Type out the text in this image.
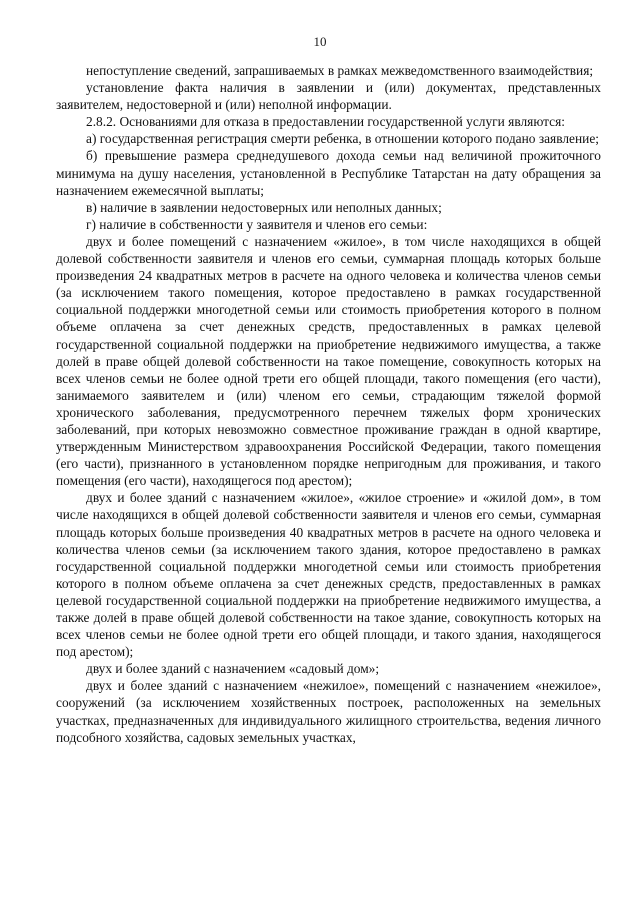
10

непоступление сведений, запрашиваемых в рамках межведомственного взаимодействия;

установление факта наличия в заявлении и (или) документах, представленных заявителем, недостоверной и (или) неполной информации.

2.8.2. Основаниями для отказа в предоставлении государственной услуги являются:

а) государственная регистрация смерти ребенка, в отношении которого подано заявление;

б) превышение размера среднедушевого дохода семьи над величиной прожиточного минимума на душу населения, установленной в Республике Татарстан на дату обращения за назначением ежемесячной выплаты;

в) наличие в заявлении недостоверных или неполных данных;

г) наличие в собственности у заявителя и членов его семьи:

двух и более помещений с назначением «жилое», в том числе находящихся в общей долевой собственности заявителя и членов его семьи, суммарная площадь которых больше произведения 24 квадратных метров в расчете на одного человека и количества членов семьи (за исключением такого помещения, которое предоставлено в рамках государственной социальной поддержки многодетной семьи или стоимость приобретения которого в полном объеме оплачена за счет денежных средств, предоставленных в рамках целевой государственной социальной поддержки на приобретение недвижимого имущества, а также долей в праве общей долевой собственности на такое помещение, совокупность которых на всех членов семьи не более одной трети его общей площади, такого помещения (его части), занимаемого заявителем и (или) членом его семьи, страдающим тяжелой формой хронического заболевания, предусмотренного перечнем тяжелых форм хронических заболеваний, при которых невозможно совместное проживание граждан в одной квартире, утвержденным Министерством здравоохранения Российской Федерации, такого помещения (его части), признанного в установленном порядке непригодным для проживания, и такого помещения (его части), находящегося под арестом);

двух и более зданий с назначением «жилое», «жилое строение» и «жилой дом», в том числе находящихся в общей долевой собственности заявителя и членов его семьи, суммарная площадь которых больше произведения 40 квадратных метров в расчете на одного человека и количества членов семьи (за исключением такого здания, которое предоставлено в рамках государственной социальной поддержки многодетной семьи или стоимость приобретения которого в полном объеме оплачена за счет денежных средств, предоставленных в рамках целевой государственной социальной поддержки на приобретение недвижимого имущества, а также долей в праве общей долевой собственности на такое здание, совокупность которых на всех членов семьи не более одной трети его общей площади, и такого здания, находящегося под арестом);

двух и более зданий с назначением «садовый дом»;

двух и более зданий с назначением «нежилое», помещений с назначением «нежилое», сооружений (за исключением хозяйственных построек, расположенных на земельных участках, предназначенных для индивидуального жилищного строительства, ведения личного подсобного хозяйства, садовых земельных участках,
